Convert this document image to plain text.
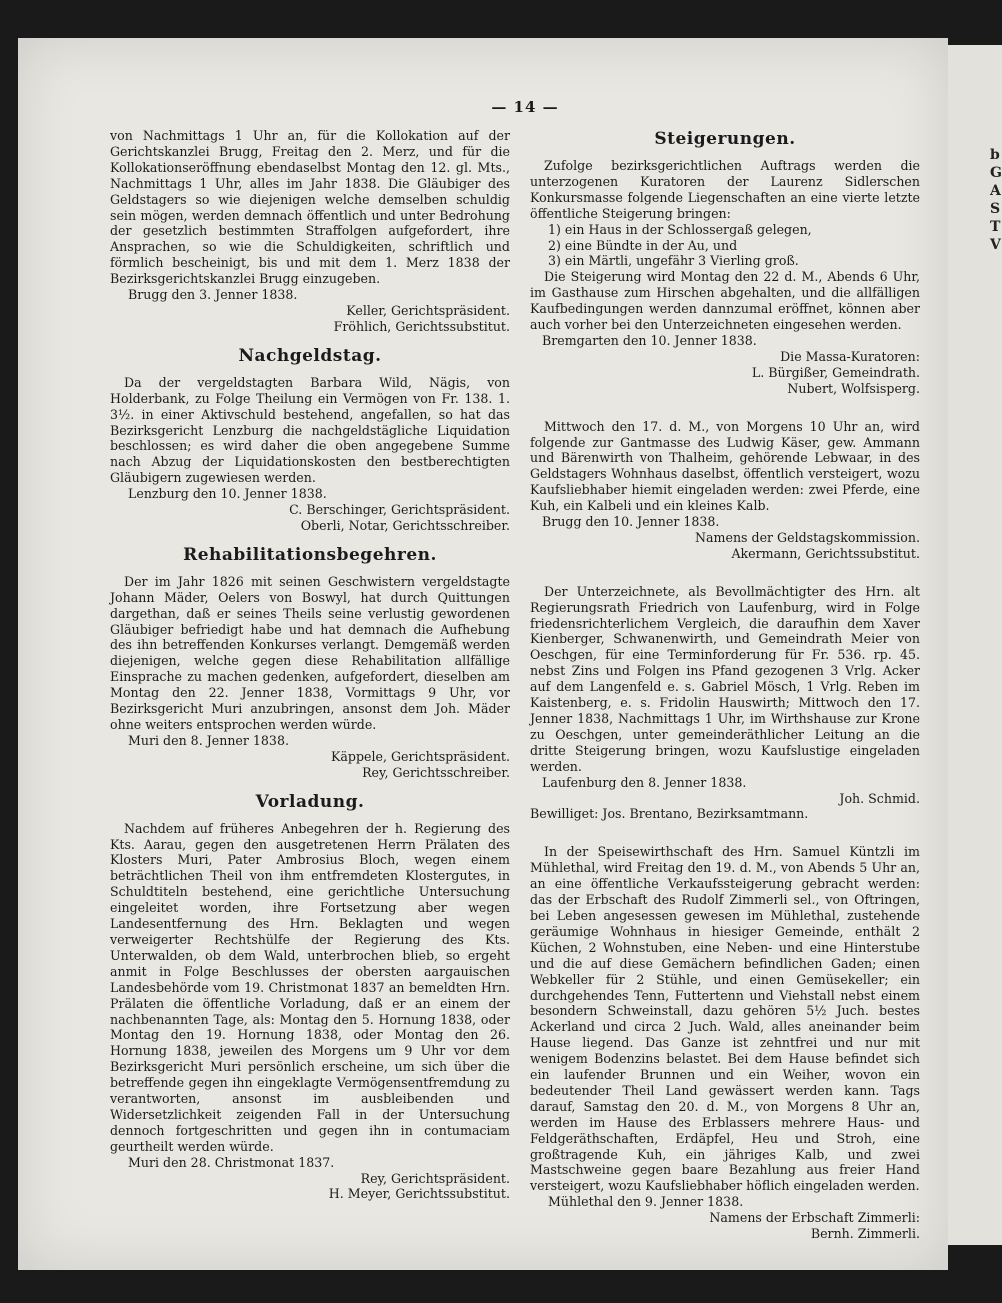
b
G
A
S
T
V
— 14 —

von Nachmittags 1 Uhr an, für die Kollokation auf der Gerichtskanzlei Brugg, Freitag den 2. Merz, und für die Kollokationseröffnung ebendaselbst Montag den 12. gl. Mts., Nachmittags 1 Uhr, alles im Jahr 1838. Die Gläubiger des Geldstagers so wie diejenigen welche demselben schuldig sein mögen, werden demnach öffentlich und unter Bedrohung der gesetzlich bestimmten Straffolgen aufgefordert, ihre Ansprachen, so wie die Schuldigkeiten, schriftlich und förmlich bescheinigt, bis und mit dem 1. Merz 1838 der Bezirksgerichtskanzlei Brugg einzugeben.

Brugg den 3. Jenner 1838.

Keller, Gerichtspräsident.

Fröhlich, Gerichtssubstitut.

Nachgeldstag.

Da der vergeldstagten Barbara Wild, Nägis, von Holderbank, zu Folge Theilung ein Vermögen von Fr. 138. 1. 3½. in einer Aktivschuld bestehend, angefallen, so hat das Bezirksgericht Lenzburg die nachgeldstägliche Liquidation beschlossen; es wird daher die oben angegebene Summe nach Abzug der Liquidationskosten den bestberechtigten Gläubigern zugewiesen werden.

Lenzburg den 10. Jenner 1838.

C. Berschinger, Gerichtspräsident.

Oberli, Notar, Gerichtsschreiber.

Rehabilitationsbegehren.

Der im Jahr 1826 mit seinen Geschwistern vergeldstagte Johann Mäder, Oelers von Boswyl, hat durch Quittungen dargethan, daß er seines Theils seine verlustig gewordenen Gläubiger befriedigt habe und hat demnach die Aufhebung des ihn betreffenden Konkurses verlangt. Demgemäß werden diejenigen, welche gegen diese Rehabilitation allfällige Einsprache zu machen gedenken, aufgefordert, dieselben am Montag den 22. Jenner 1838, Vormittags 9 Uhr, vor Bezirksgericht Muri anzubringen, ansonst dem Joh. Mäder ohne weiters entsprochen werden würde.

Muri den 8. Jenner 1838.

Käppele, Gerichtspräsident.

Rey, Gerichtsschreiber.

Vorladung.

Nachdem auf früheres Anbegehren der h. Regierung des Kts. Aarau, gegen den ausgetretenen Herrn Prälaten des Klosters Muri, Pater Ambrosius Bloch, wegen einem beträchtlichen Theil von ihm entfremdeten Klostergutes, in Schuldtiteln bestehend, eine gerichtliche Untersuchung eingeleitet worden, ihre Fortsetzung aber wegen Landesentfernung des Hrn. Beklagten und wegen verweigerter Rechtshülfe der Regierung des Kts. Unterwalden, ob dem Wald, unterbrochen blieb, so ergeht anmit in Folge Beschlusses der obersten aargauischen Landesbehörde vom 19. Christmonat 1837 an bemeldten Hrn. Prälaten die öffentliche Vorladung, daß er an einem der nachbenannten Tage, als: Montag den 5. Hornung 1838, oder Montag den 19. Hornung 1838, oder Montag den 26. Hornung 1838, jeweilen des Morgens um 9 Uhr vor dem Bezirksgericht Muri persönlich erscheine, um sich über die betreffende gegen ihn eingeklagte Vermögensentfremdung zu verantworten, ansonst im ausbleibenden und Widersetzlichkeit zeigenden Fall in der Untersuchung dennoch fortgeschritten und gegen ihn in contumaciam geurtheilt werden würde.

Muri den 28. Christmonat 1837.

Rey, Gerichtspräsident.

H. Meyer, Gerichtssubstitut.

Steigerungen.

Zufolge bezirksgerichtlichen Auftrags werden die unterzogenen Kuratoren der Laurenz Sidlerschen Konkursmasse folgende Liegenschaften an eine vierte letzte öffentliche Steigerung bringen:

1) ein Haus in der Schlossergaß gelegen,

2) eine Bündte in der Au, und

3) ein Märtli, ungefähr 3 Vierling groß.

Die Steigerung wird Montag den 22 d. M., Abends 6 Uhr, im Gasthause zum Hirschen abgehalten, und die allfälligen Kaufbedingungen werden dannzumal eröffnet, können aber auch vorher bei den Unterzeichneten eingesehen werden.

Bremgarten den 10. Jenner 1838.

Die Massa-Kuratoren:

L. Bürgißer, Gemeindrath.

Nubert, Wolfsisperg.

Mittwoch den 17. d. M., von Morgens 10 Uhr an, wird folgende zur Gantmasse des Ludwig Käser, gew. Ammann und Bärenwirth von Thalheim, gehörende Lebwaar, in des Geldstagers Wohnhaus daselbst, öffentlich versteigert, wozu Kaufsliebhaber hiemit eingeladen werden: zwei Pferde, eine Kuh, ein Kalbeli und ein kleines Kalb.

Brugg den 10. Jenner 1838.

Namens der Geldstagskommission.

Akermann, Gerichtssubstitut.

Der Unterzeichnete, als Bevollmächtigter des Hrn. alt Regierungsrath Friedrich von Laufenburg, wird in Folge friedensrichterlichem Vergleich, die daraufhin dem Xaver Kienberger, Schwanenwirth, und Gemeindrath Meier von Oeschgen, für eine Terminforderung für Fr. 536. rp. 45. nebst Zins und Folgen ins Pfand gezogenen 3 Vrlg. Acker auf dem Langenfeld e. s. Gabriel Mösch, 1 Vrlg. Reben im Kaistenberg, e. s. Fridolin Hauswirth; Mittwoch den 17. Jenner 1838, Nachmittags 1 Uhr, im Wirthshause zur Krone zu Oeschgen, unter gemeinderäthlicher Leitung an die dritte Steigerung bringen, wozu Kaufslustige eingeladen werden.

Laufenburg den 8. Jenner 1838.

Joh. Schmid.

Bewilliget: Jos. Brentano, Bezirksamtmann.

In der Speisewirthschaft des Hrn. Samuel Küntzli im Mühlethal, wird Freitag den 19. d. M., von Abends 5 Uhr an, an eine öffentliche Verkaufssteigerung gebracht werden: das der Erbschaft des Rudolf Zimmerli sel., von Oftringen, bei Leben angesessen gewesen im Mühlethal, zustehende geräumige Wohnhaus in hiesiger Gemeinde, enthält 2 Küchen, 2 Wohnstuben, eine Neben- und eine Hinterstube und die auf diese Gemächern befindlichen Gaden; einen Webkeller für 2 Stühle, und einen Gemüsekeller; ein durchgehendes Tenn, Futtertenn und Viehstall nebst einem besondern Schweinstall, dazu gehören 5½ Juch. bestes Ackerland und circa 2 Juch. Wald, alles aneinander beim Hause liegend. Das Ganze ist zehntfrei und nur mit wenigem Bodenzins belastet. Bei dem Hause befindet sich ein laufender Brunnen und ein Weiher, wovon ein bedeutender Theil Land gewässert werden kann. Tags darauf, Samstag den 20. d. M., von Morgens 8 Uhr an, werden im Hause des Erblassers mehrere Haus- und Feldgeräthschaften, Erdäpfel, Heu und Stroh, eine großtragende Kuh, ein jähriges Kalb, und zwei Mastschweine gegen baare Bezahlung aus freier Hand versteigert, wozu Kaufsliebhaber höflich eingeladen werden.

Mühlethal den 9. Jenner 1838.

Namens der Erbschaft Zimmerli:

Bernh. Zimmerli.
